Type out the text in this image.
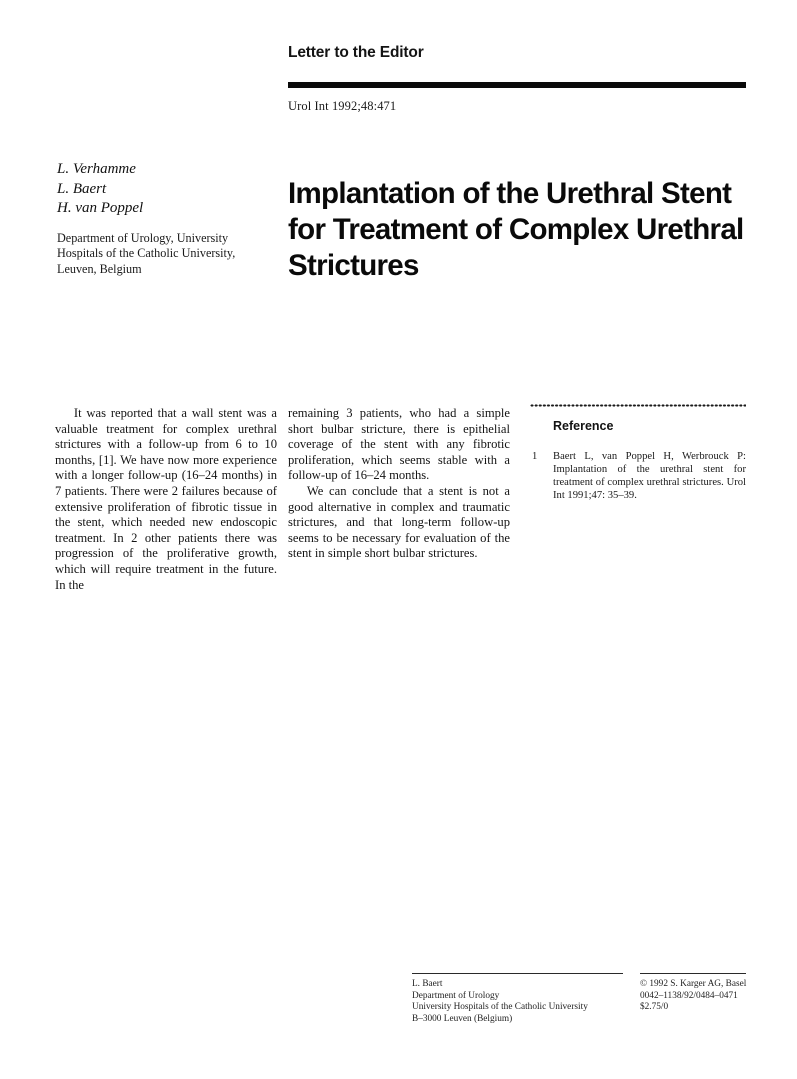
Letter to the Editor
Urol Int 1992;48:471
L. Verhamme
L. Baert
H. van Poppel
Department of Urology, University
Hospitals of the Catholic University,
Leuven, Belgium
Implantation of the Urethral Stent for Treatment of Complex Urethral Strictures

It was reported that a wall stent was a valuable treatment for complex urethral strictures with a follow-up from 6 to 10 months, [1]. We have now more experience with a longer follow-up (16–24 months) in 7 patients. There were 2 failures because of extensive proliferation of fibrotic tissue in the stent, which needed new endoscopic treatment. In 2 other patients there was progression of the proliferative growth, which will require treatment in the future. In the

remaining 3 patients, who had a simple short bulbar stricture, there is epithelial coverage of the stent with any fibrotic proliferation, which seems stable with a follow-up of 16–24 months.

We can conclude that a stent is not a good alternative in complex and traumatic strictures, and that long-term follow-up seems to be necessary for evaluation of the stent in simple short bulbar strictures.

Reference
1 Baert L, van Poppel H, Werbrouck P: Implantation of the urethral stent for treatment of complex urethral strictures. Urol Int 1991;47: 35–39.
L. Baert
Department of Urology
University Hospitals of the Catholic University
B–3000 Leuven (Belgium)
© 1992 S. Karger AG, Basel
0042–1138/92/0484–0471
$2.75/0
